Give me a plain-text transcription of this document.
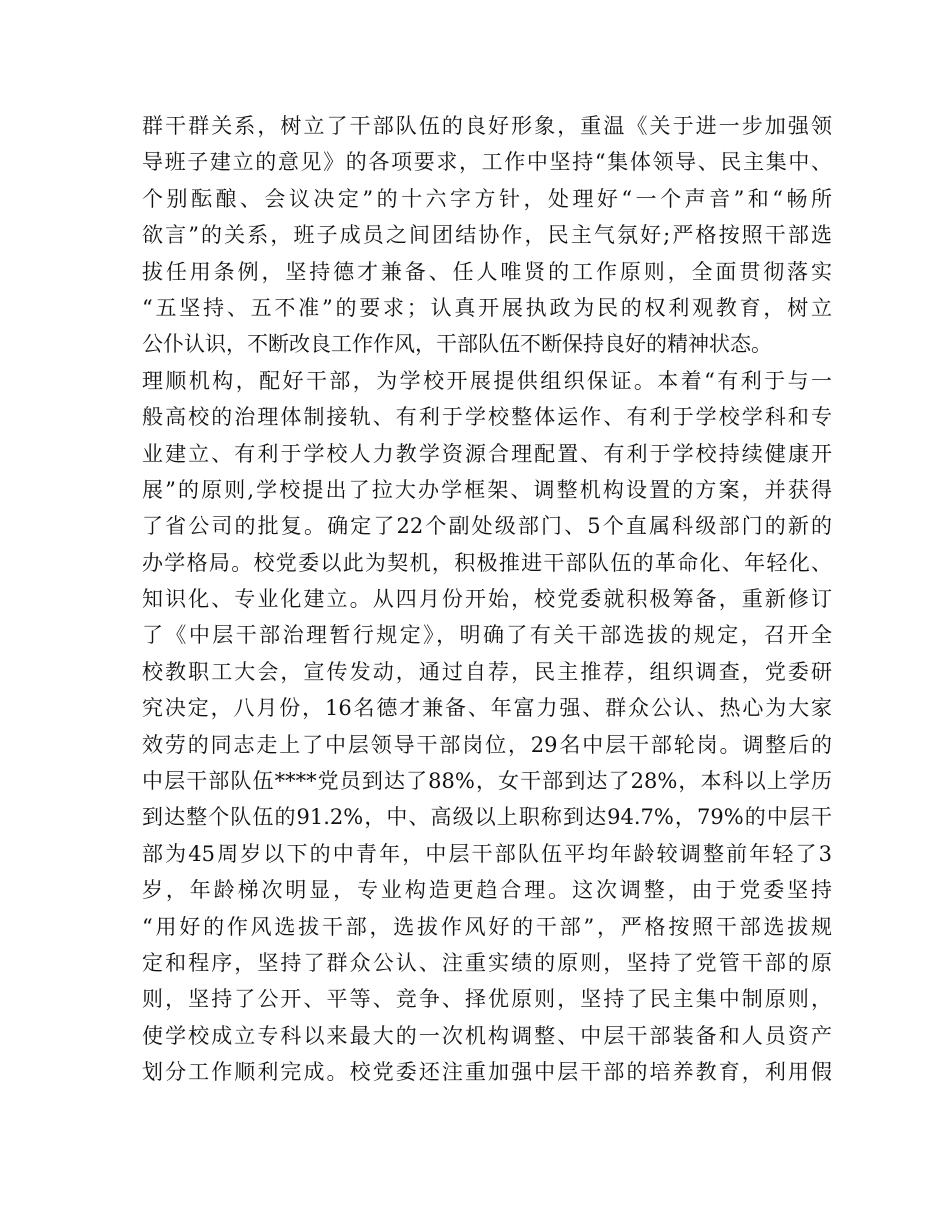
群干群关系，树立了干部队伍的良好形象，重温《关于进一步加强领
导班子建立的意见》的各项要求，工作中坚持“集体领导、民主集中、
个别酝酿、会议决定”的十六字方针，处理好“一个声音”和“畅所
欲言”的关系，班子成员之间团结协作，民主气氛好;严格按照干部选
拔任用条例，坚持德才兼备、任人唯贤的工作原则，全面贯彻落实
“五坚持、五不准”的要求；认真开展执政为民的权利观教育，树立
公仆认识，不断改良工作作风，干部队伍不断保持良好的精神状态。
理顺机构，配好干部，为学校开展提供组织保证。本着“有利于与一
般高校的治理体制接轨、有利于学校整体运作、有利于学校学科和专
业建立、有利于学校人力教学资源合理配置、有利于学校持续健康开
展”的原则,学校提出了拉大办学框架、调整机构设置的方案，并获得
了省公司的批复。确定了22个副处级部门、5个直属科级部门的新的
办学格局。校党委以此为契机，积极推进干部队伍的革命化、年轻化、
知识化、专业化建立。从四月份开始，校党委就积极筹备，重新修订
了《中层干部治理暂行规定》，明确了有关干部选拔的规定，召开全
校教职工大会，宣传发动，通过自荐，民主推荐，组织调查，党委研
究决定，八月份，16名德才兼备、年富力强、群众公认、热心为大家
效劳的同志走上了中层领导干部岗位，29名中层干部轮岗。调整后的
中层干部队伍****党员到达了88%，女干部到达了28%，本科以上学历
到达整个队伍的91.2%，中、高级以上职称到达94.7%，79%的中层干
部为45周岁以下的中青年，中层干部队伍平均年龄较调整前年轻了3
岁，年龄梯次明显，专业构造更趋合理。这次调整，由于党委坚持
“用好的作风选拔干部，选拔作风好的干部”，严格按照干部选拔规
定和程序，坚持了群众公认、注重实绩的原则，坚持了党管干部的原
则，坚持了公开、平等、竞争、择优原则，坚持了民主集中制原则，
使学校成立专科以来最大的一次机构调整、中层干部装备和人员资产
划分工作顺利完成。校党委还注重加强中层干部的培养教育，利用假
